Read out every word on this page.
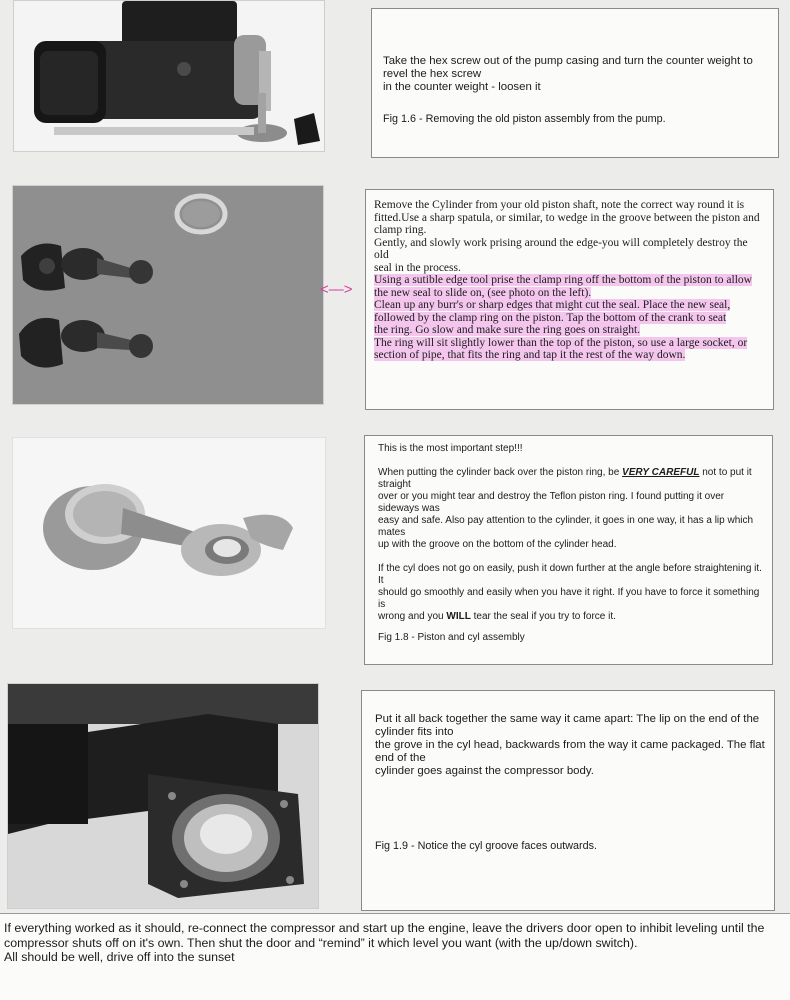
Take the hex screw out of the pump casing and turn the counter weight to revel the hex screw

in the counter weight - loosen it

Fig 1.6 - Removing the old piston assembly from the pump.

<—>

Remove the Cylinder from your old piston shaft, note the correct way round it is fitted.Use a sharp spatula, or similar, to wedge in the groove between the piston and clamp ring.

Gently, and slowly work prising around the edge-you will completely destroy the old

seal in the process.

Using a sutible edge tool prise the clamp ring off the bottom of the piston to allow the new seal to slide on, (see photo on the left).

Clean up any burr's or sharp edges that might cut the seal. Place the new seal, followed by the clamp ring on the piston. Tap the bottom of the crank to seat

the ring. Go slow and make sure the ring goes on straight.

The ring will sit slightly lower than the top of the piston, so use a large socket, or section of pipe, that fits the ring and tap it the rest of the way down.

This is the most important step!!!

When putting the cylinder back over the piston ring, be VERY CAREFUL not to put it straight

over or you might tear and destroy the Teflon piston ring. I found putting it over sideways was

easy and safe. Also pay attention to the cylinder, it goes in one way, it has a lip which mates

up with the groove on the bottom of the cylinder head.

If the cyl does not go on easily, push it down further at the angle before straightening it. It

should go smoothly and easily when you have it right. If you have to force it something is

wrong and you WILL tear the seal if you try to force it.

Fig 1.8 - Piston and cyl assembly

Put it all back together the same way it came apart: The lip on the end of the cylinder fits into

the grove in the cyl head, backwards from the way it came packaged. The flat end of the

cylinder goes against the compressor body.

Fig 1.9 - Notice the cyl groove faces outwards.

If everything worked as it should, re-connect the compressor and start up the engine, leave the drivers door open to inhibit leveling until the compressor shuts off on it's own. Then shut the door and “remind” it which level you want (with the up/down switch).

All should be well, drive off into the sunset
